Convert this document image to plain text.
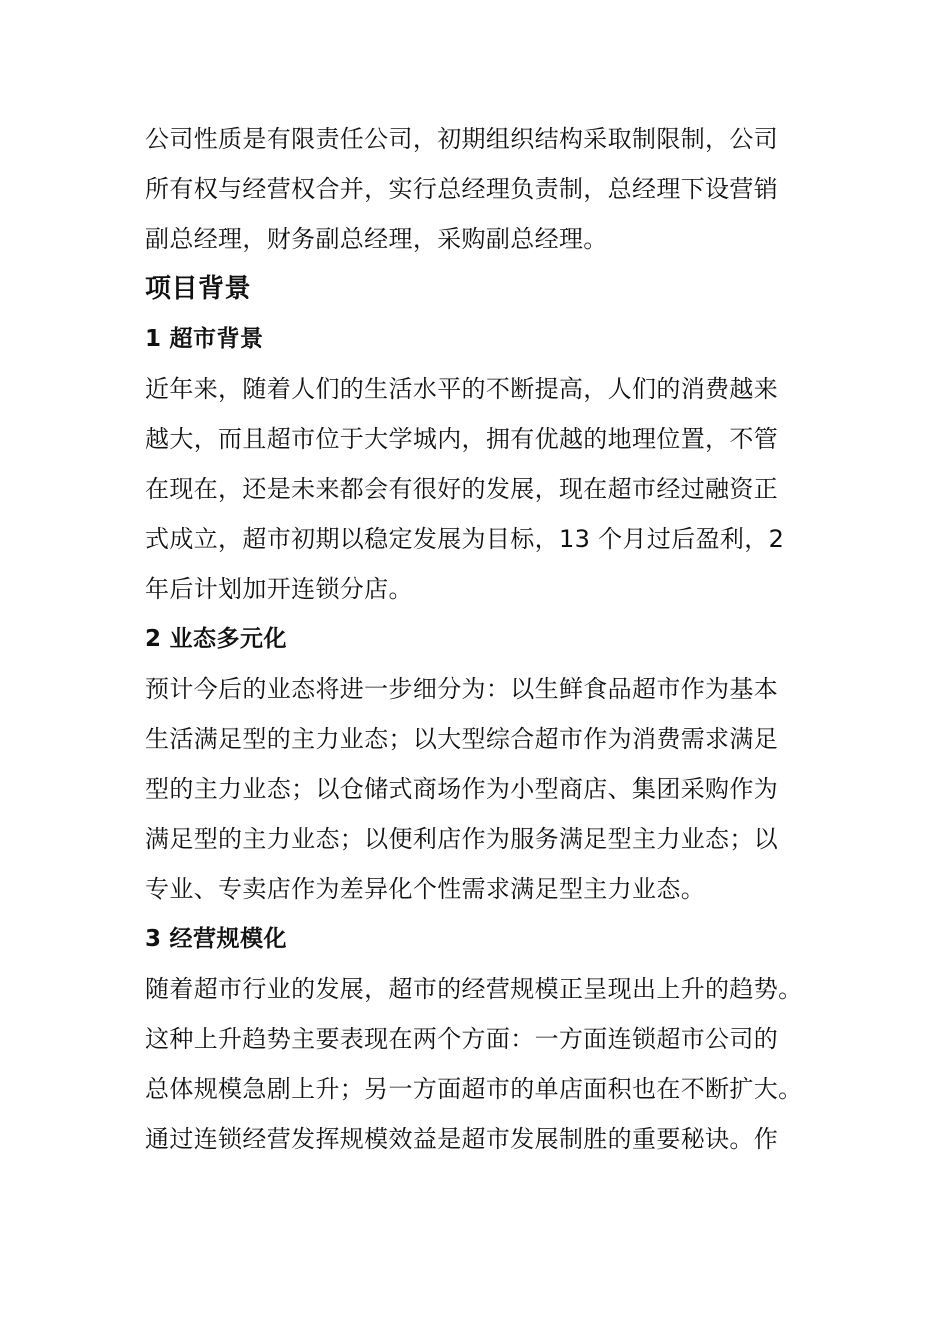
公司性质是有限责任公司，初期组织结构采取制限制，公司
所有权与经营权合并，实行总经理负责制，总经理下设营销
副总经理，财务副总经理，采购副总经理。

项目背景
1 超市背景

近年来，随着人们的生活水平的不断提高，人们的消费越来
越大，而且超市位于大学城内，拥有优越的地理位置，不管
在现在，还是未来都会有很好的发展，现在超市经过融资正
式成立，超市初期以稳定发展为目标，13 个月过后盈利，2
年后计划加开连锁分店。

2 业态多元化

预计今后的业态将进一步细分为：以生鲜食品超市作为基本
生活满足型的主力业态；以大型综合超市作为消费需求满足
型的主力业态；以仓储式商场作为小型商店、集团采购作为
满足型的主力业态；以便利店作为服务满足型主力业态；以
专业、专卖店作为差异化个性需求满足型主力业态。

3 经营规模化

随着超市行业的发展，超市的经营规模正呈现出上升的趋势。
这种上升趋势主要表现在两个方面：一方面连锁超市公司的
总体规模急剧上升；另一方面超市的单店面积也在不断扩大。
通过连锁经营发挥规模效益是超市发展制胜的重要秘诀。作
